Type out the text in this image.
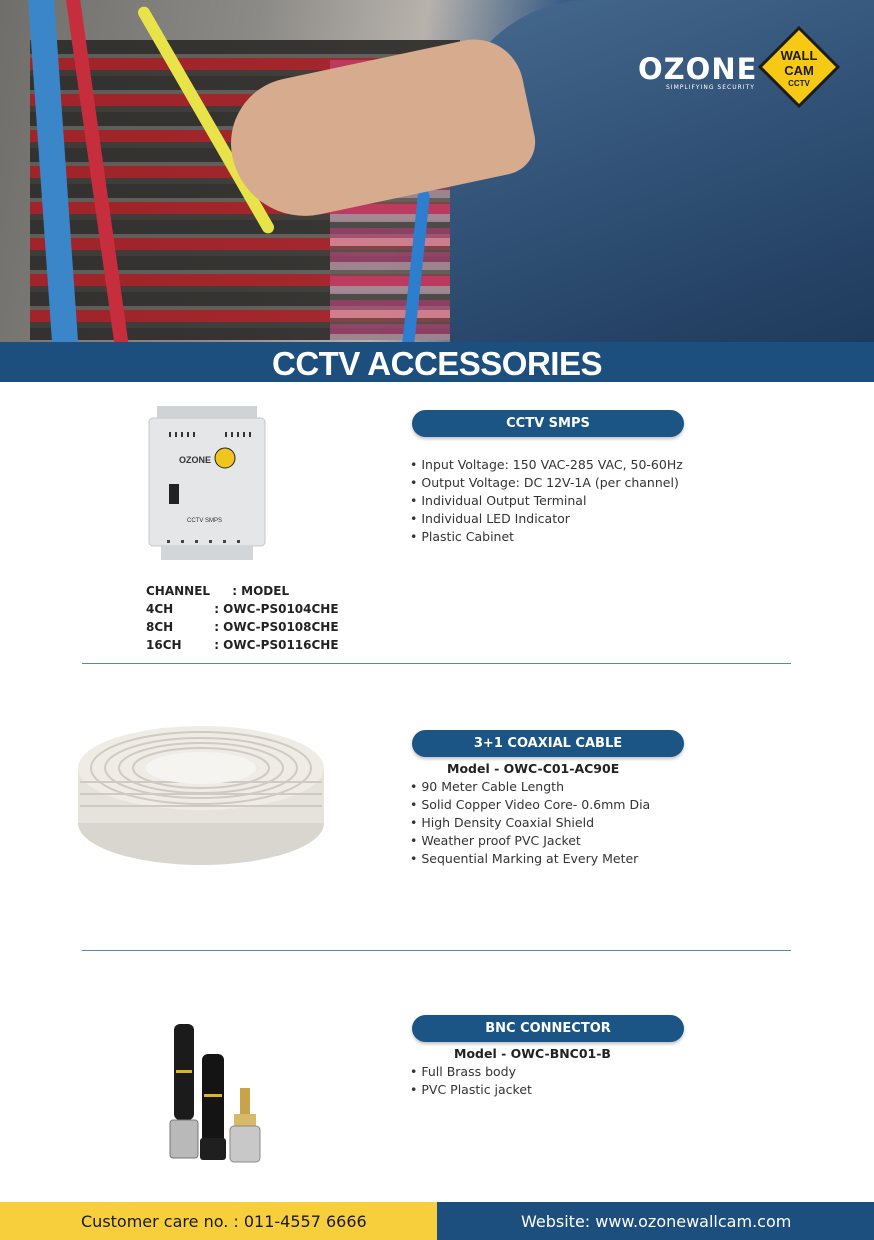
OZONE
SIMPLIFYING SECURITY
WALL
CAM
CCTV
CCTV ACCESSORIES
OZONE
CCTV SMPS
CCTV SMPS
• Input Voltage: 150 VAC-285 VAC, 50-60Hz
• Output Voltage: DC 12V-1A (per channel)
• Individual Output Terminal
• Individual LED Indicator
• Plastic Cabinet
CHANNEL : MODEL
4CH	: OWC-PS0104CHE
8CH	: OWC-PS0108CHE
16CH	: OWC-PS0116CHE
3+1 COAXIAL CABLE
Model - OWC-C01-AC90E
• 90 Meter Cable Length
• Solid Copper Video Core- 0.6mm Dia
• High Density Coaxial Shield
• Weather proof PVC Jacket
• Sequential Marking at Every Meter
BNC CONNECTOR
Model - OWC-BNC01-B
• Full Brass body
• PVC Plastic jacket
Customer care no. : 011-4557 6666	Website: www.ozonewallcam.com
